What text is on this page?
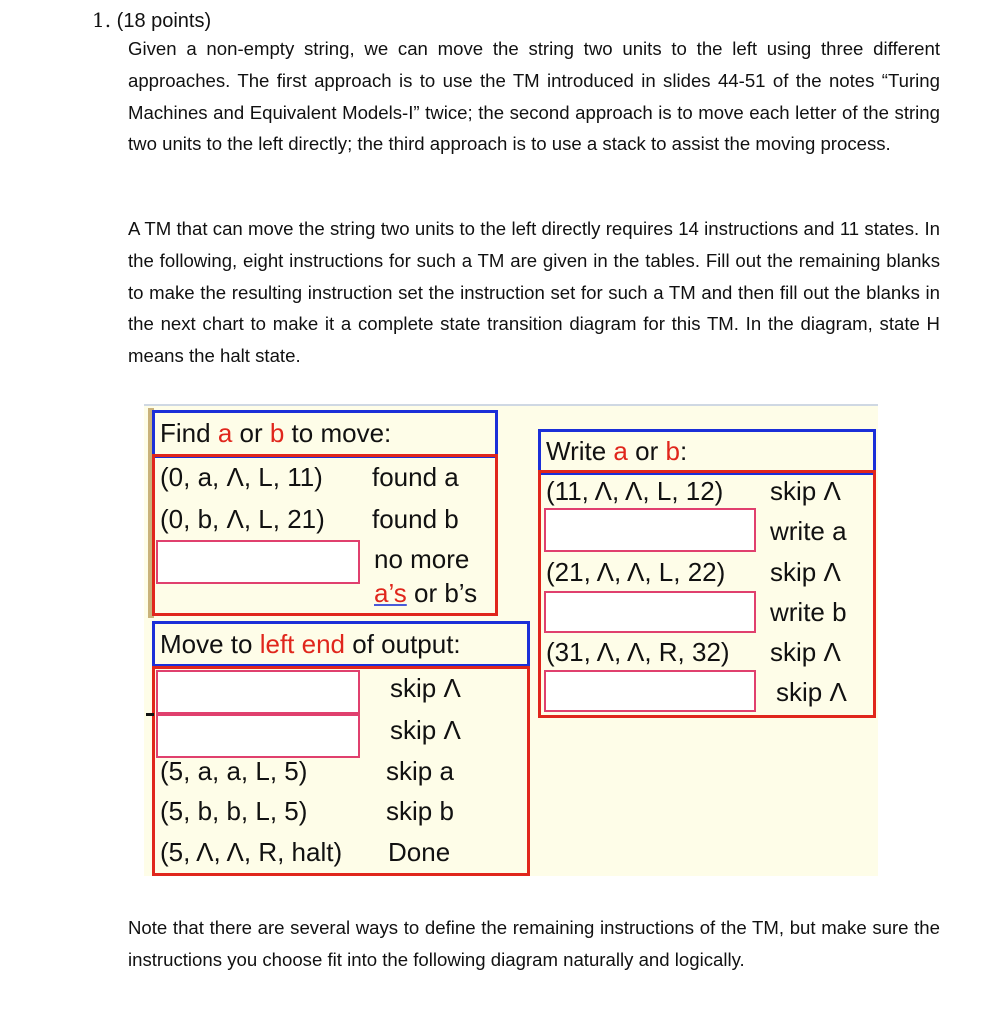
1. (18 points)

Given a non-empty string, we can move the string two units to the left using three different approaches. The first approach is to use the TM introduced in slides 44-51 of the notes “Turing Machines and Equivalent Models-I” twice; the second approach is to move each letter of the string two units to the left directly; the third approach is to use a stack to assist the moving process.

A TM that can move the string two units to the left directly requires 14 instructions and 11 states. In the following, eight instructions for such a TM are given in the tables. Fill out the remaining blanks to make the resulting instruction set the instruction set for such a TM and then fill out the blanks in the next chart to make it a complete state transition diagram for this TM. In the diagram, state H means the halt state.

Find a or b to move:
(0, a, Λ, L, 11) found a
(0, b, Λ, L, 21) found b
no more
a’s or b’s
Move to left end of output:
skip Λ
skip Λ
(5, a, a, L, 5)	skip a
(5, b, b, L, 5)	skip b
(5, Λ, Λ, R, halt) Done
Write a or b:
(11, Λ, Λ, L, 12) skip Λ
write a
(21, Λ, Λ, L, 22) skip Λ
write b
(31, Λ, Λ, R, 32) skip Λ
skip Λ

Note that there are several ways to define the remaining instructions of the TM, but make sure the instructions you choose fit into the following diagram naturally and logically.
